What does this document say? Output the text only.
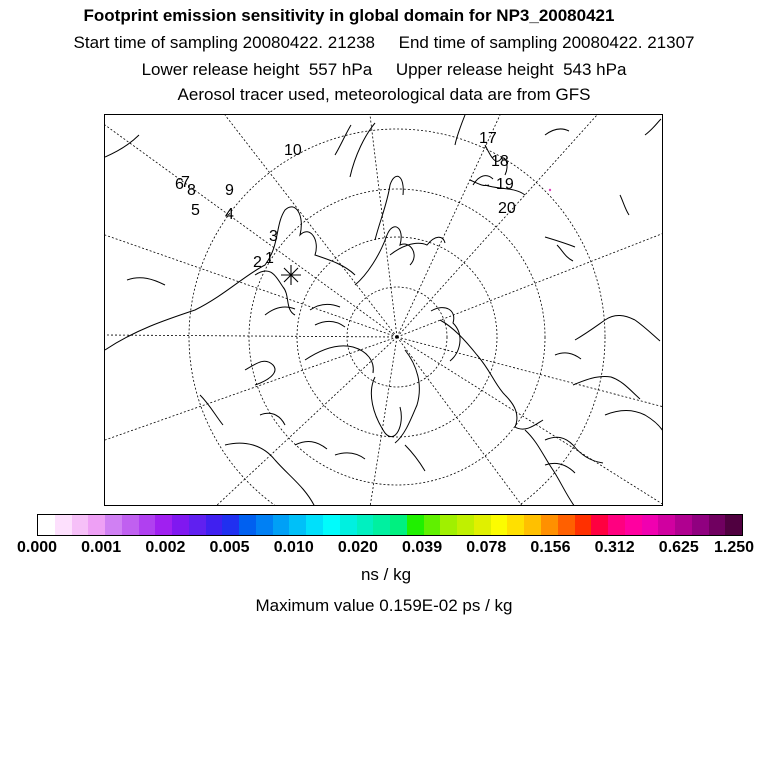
Footprint emission sensitivity in global domain for NP3_20080421
Start time of sampling 20080422. 21238 End time of sampling 20080422. 21307
Lower release height 557 hPa Upper release height 543 hPa
Aerosol tracer used, meteorological data are from GFS
10
6
7
8 9
5 4
3
2 1
17
18
19
20
0.000 0.001 0.002 0.005 0.010 0.020 0.039 0.078 0.156 0.312 0.625 1.250
ns / kg
Maximum value 0.159E-02 ps / kg
